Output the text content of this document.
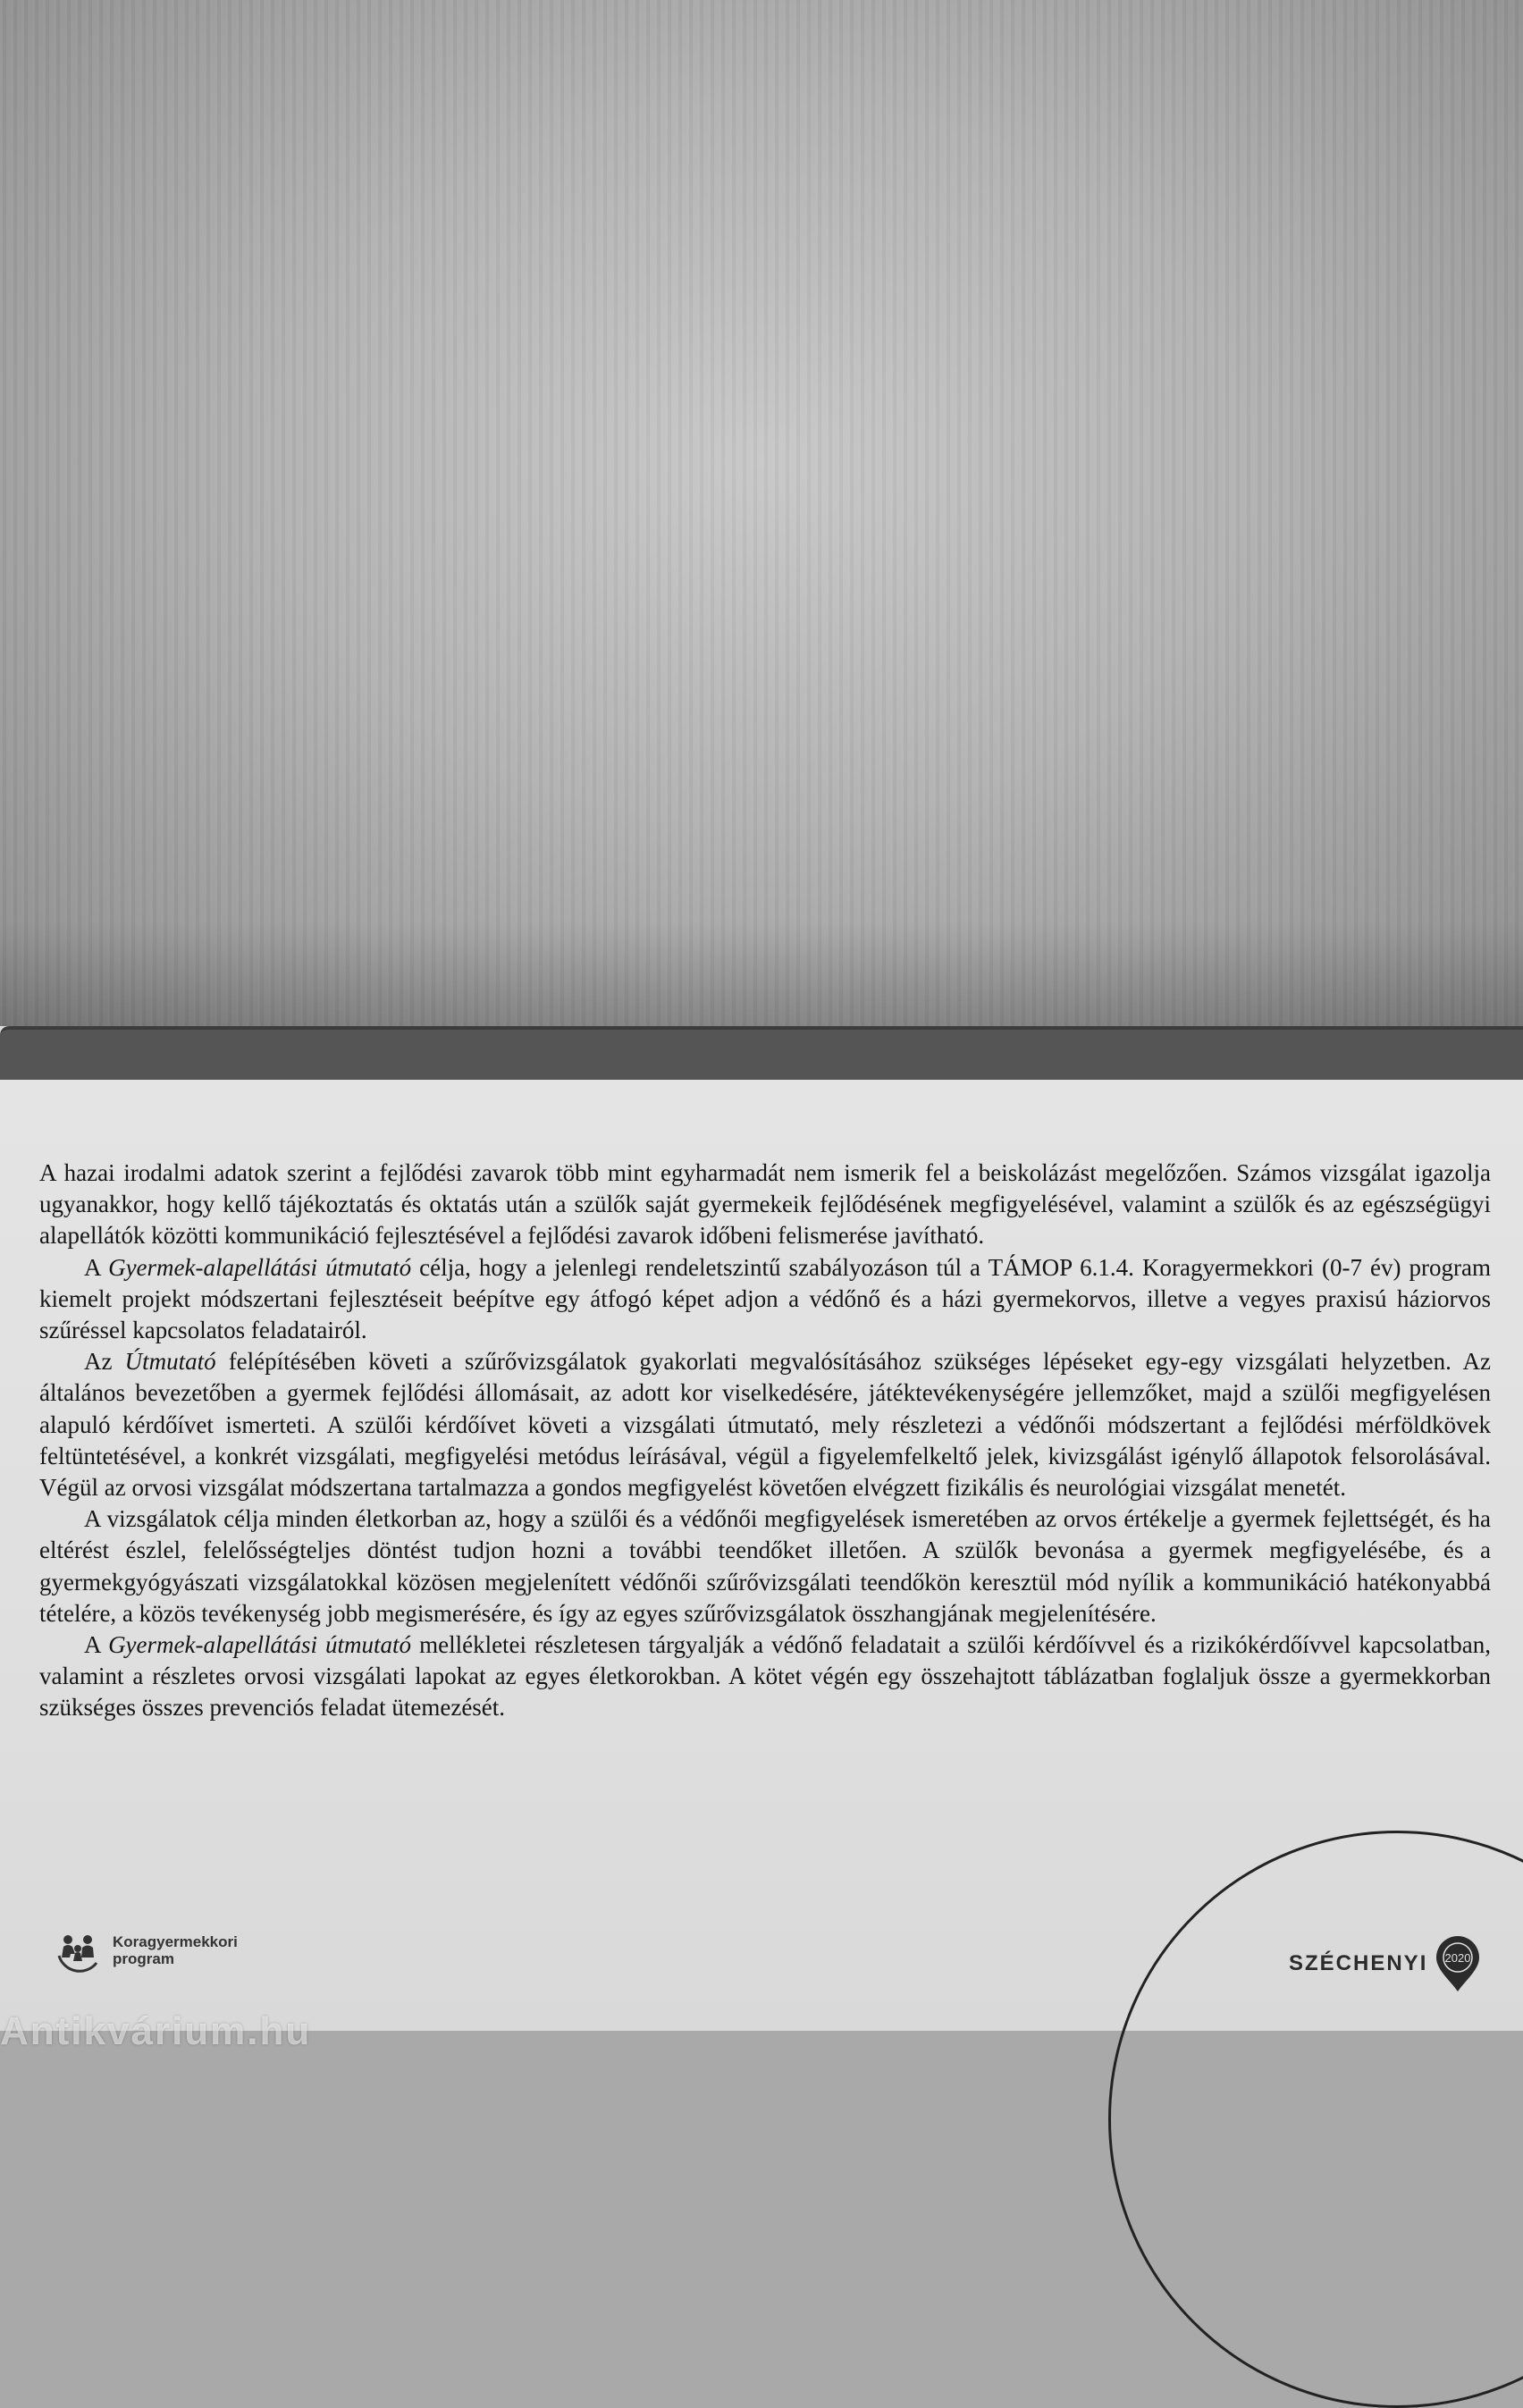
A hazai irodalmi adatok szerint a fejlődési zavarok több mint egyharmadát nem ismerik fel a beiskolázást megelőzően. Számos vizsgálat igazolja ugyanakkor, hogy kellő tájékoztatás és oktatás után a szülők saját gyermekeik fejlődésének megfigyelésével, valamint a szülők és az egészségügyi alapellátók közötti kommunikáció fejlesztésével a fejlődési zavarok időbeni felismerése javítható.

A Gyermek-alapellátási útmutató célja, hogy a jelenlegi rendeletszintű szabályozáson túl a TÁMOP 6.1.4. Koragyermekkori (0-7 év) program kiemelt projekt módszertani fejlesztéseit beépítve egy átfogó képet adjon a védőnő és a házi gyermekorvos, illetve a vegyes praxisú háziorvos szűréssel kapcsolatos feladatairól.

Az Útmutató felépítésében követi a szűrővizsgálatok gyakorlati megvalósításához szükséges lépéseket egy-egy vizsgálati helyzetben. Az általános bevezetőben a gyermek fejlődési állomásait, az adott kor viselkedésére, játéktevékenységére jellemzőket, majd a szülői megfigyelésen alapuló kérdőívet ismerteti. A szülői kérdőívet követi a vizsgálati útmutató, mely részletezi a védőnői módszertant a fejlődési mérföldkövek feltüntetésével, a konkrét vizsgálati, megfigyelési metódus leírásával, végül a figyelemfelkeltő jelek, kivizsgálást igénylő állapotok felsorolásával. Végül az orvosi vizsgálat módszertana tartalmazza a gondos megfigyelést követően elvégzett fizikális és neurológiai vizsgálat menetét.

A vizsgálatok célja minden életkorban az, hogy a szülői és a védőnői megfigyelések ismeretében az orvos értékelje a gyermek fejlettségét, és ha eltérést észlel, felelősségteljes döntést tudjon hozni a további teendőket illetően. A szülők bevonása a gyermek megfigyelésébe, és a gyermekgyógyászati vizsgálatokkal közösen megjelenített védőnői szűrővizsgálati teendőkön keresztül mód nyílik a kommunikáció hatékonyabbá tételére, a közös tevékenység jobb megismerésére, és így az egyes szűrővizsgálatok összhangjának megjelenítésére.

A Gyermek-alapellátási útmutató mellékletei részletesen tárgyalják a védőnő feladatait a szülői kérdőívvel és a rizikókérdőívvel kapcsolatban, valamint a részletes orvosi vizsgálati lapokat az egyes életkorokban. A kötet végén egy összehajtott táblázatban foglaljuk össze a gyermekkorban szükséges összes prevenciós feladat ütemezését.

Koragyermekkori
program	SZÉCHENYI 2020
Antikvárium.hu
